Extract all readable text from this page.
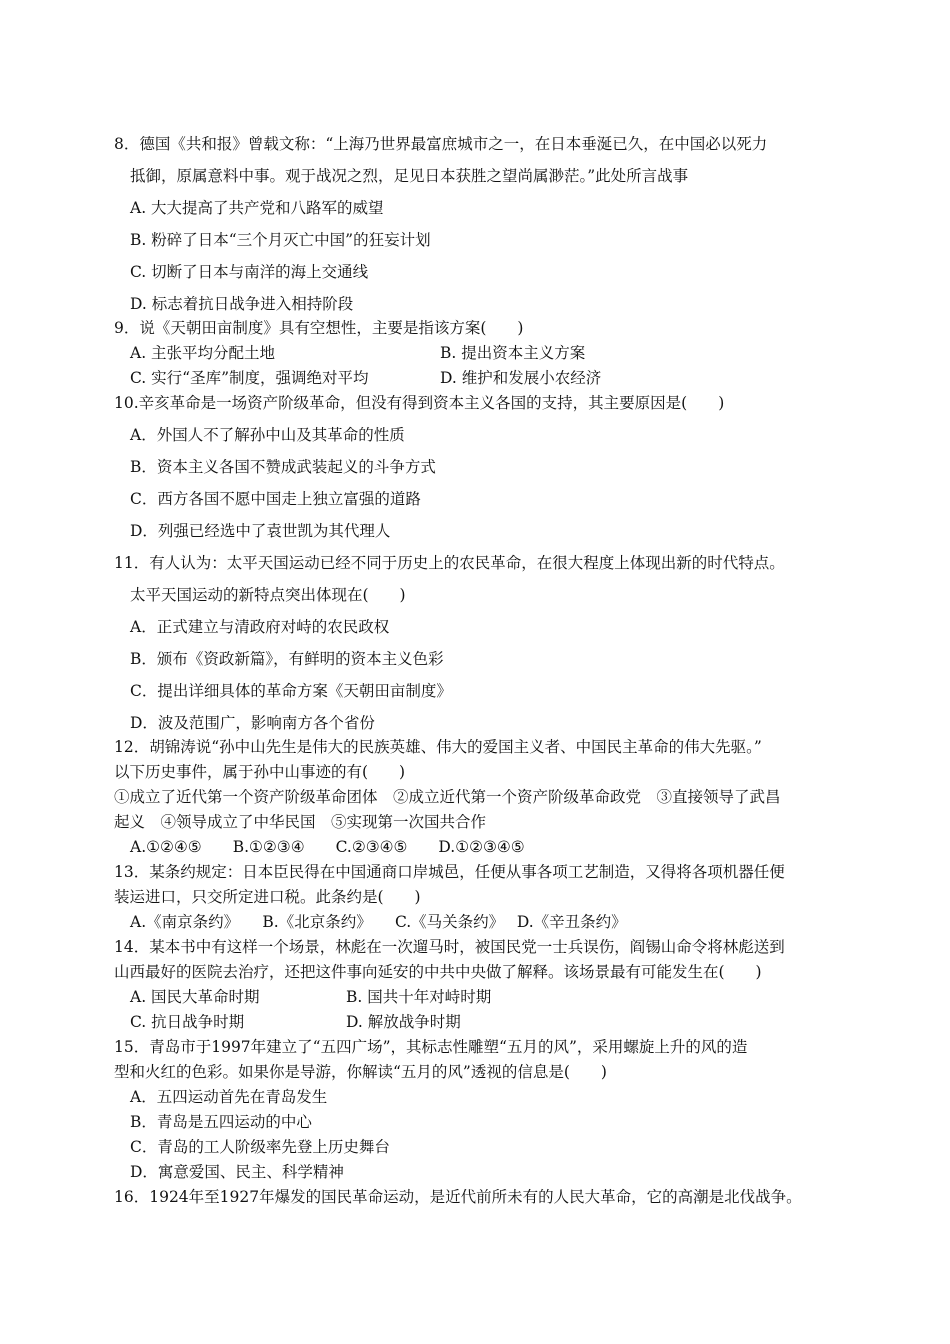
8．德国《共和报》曾载文称：“上海乃世界最富庶城市之一，在日本垂涎已久，在中国必以死力
抵御，原属意料中事。观于战况之烈，足见日本获胜之望尚属渺茫。”此处所言战事
A. 大大提高了共产党和八路军的威望
B. 粉碎了日本“三个月灭亡中国”的狂妄计划
C. 切断了日本与南洋的海上交通线
D. 标志着抗日战争进入相持阶段
9．说《天朝田亩制度》具有空想性，主要是指该方案(　　)
A. 主张平均分配土地	B. 提出资本主义方案
C. 实行“圣库”制度，强调绝对平均	D. 维护和发展小农经济
10.辛亥革命是一场资产阶级革命，但没有得到资本主义各国的支持，其主要原因是(　　)
A．外国人不了解孙中山及其革命的性质
B．资本主义各国不赞成武装起义的斗争方式
C．西方各国不愿中国走上独立富强的道路
D．列强已经选中了袁世凯为其代理人
11．有人认为：太平天国运动已经不同于历史上的农民革命，在很大程度上体现出新的时代特点。
太平天国运动的新特点突出体现在(　　)
A．正式建立与清政府对峙的农民政权
B．颁布《资政新篇》，有鲜明的资本主义色彩
C．提出详细具体的革命方案《天朝田亩制度》
D．波及范围广，影响南方各个省份
12．胡锦涛说“孙中山先生是伟大的民族英雄、伟大的爱国主义者、中国民主革命的伟大先驱。”
以下历史事件，属于孙中山事迹的有(　　)
①成立了近代第一个资产阶级革命团体　②成立近代第一个资产阶级革命政党　③直接领导了武昌
起义　④领导成立了中华民国　⑤实现第一次国共合作
A.①②④⑤　　B.①②③④　　C.②③④⑤　　D.①②③④⑤
13．某条约规定：日本臣民得在中国通商口岸城邑，任便从事各项工艺制造，又得将各项机器任便
装运进口，只交所定进口税。此条约是(　　)
A.《南京条约》　　B.《北京条约》　　C.《马关条约》　 D.《辛丑条约》
14．某本书中有这样一个场景，林彪在一次遛马时，被国民党一士兵误伤，阎锡山命令将林彪送到
山西最好的医院去治疗，还把这件事向延安的中共中央做了解释。该场景最有可能发生在(　　)
A. 国民大革命时期	B. 国共十年对峙时期
C. 抗日战争时期	D. 解放战争时期
15．青岛市于1997年建立了“五四广场”，其标志性雕塑“五月的风”，采用螺旋上升的风的造
型和火红的色彩。如果你是导游，你解读“五月的风”透视的信息是(　　)
A．五四运动首先在青岛发生
B．青岛是五四运动的中心
C．青岛的工人阶级率先登上历史舞台
D．寓意爱国、民主、科学精神
16．1924年至1927年爆发的国民革命运动，是近代前所未有的人民大革命，它的高潮是北伐战争。
